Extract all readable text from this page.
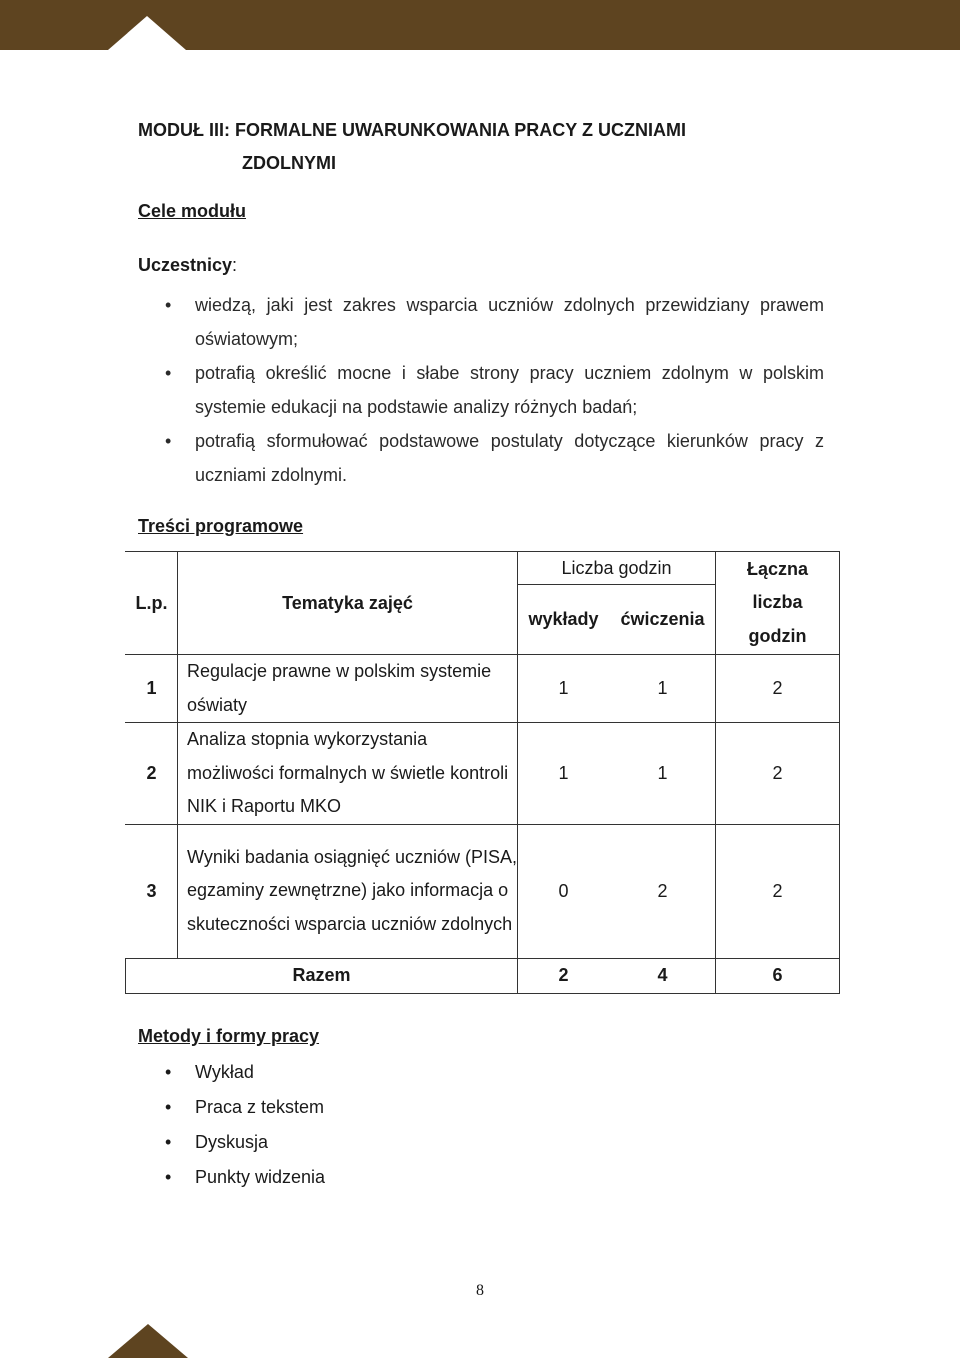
MODUŁ III: FORMALNE UWARUNKOWANIA PRACY Z UCZNIAMI
ZDOLNYMI
Cele modułu
Uczestnicy:
• wiedzą, jaki jest zakres wsparcia uczniów zdolnych przewidziany prawem oświatowym;
• potrafią określić mocne i słabe strony pracy uczniem zdolnym w polskim systemie edukacji na podstawie analizy różnych badań;
• potrafią sformułować podstawowe postulaty dotyczące kierunków pracy z uczniami zdolnymi.
Treści programowe
L.p.	Tematyka zajęć	Liczba godzin		Łączna liczba godzin
		wykłady	ćwiczenia	
1	Regulacje prawne w polskim systemie oświaty	1	1	2
2	Analiza stopnia wykorzystania możliwości formalnych w świetle kontroli NIK i Raportu MKO	1	1	2
3	Wyniki badania osiągnięć uczniów (PISA, egzaminy zewnętrzne) jako informacja o skuteczności wsparcia uczniów zdolnych	0	2	2
Razem		2	4	6
Metody i formy pracy
• Wykład
• Praca z tekstem
• Dyskusja
• Punkty widzenia
8
